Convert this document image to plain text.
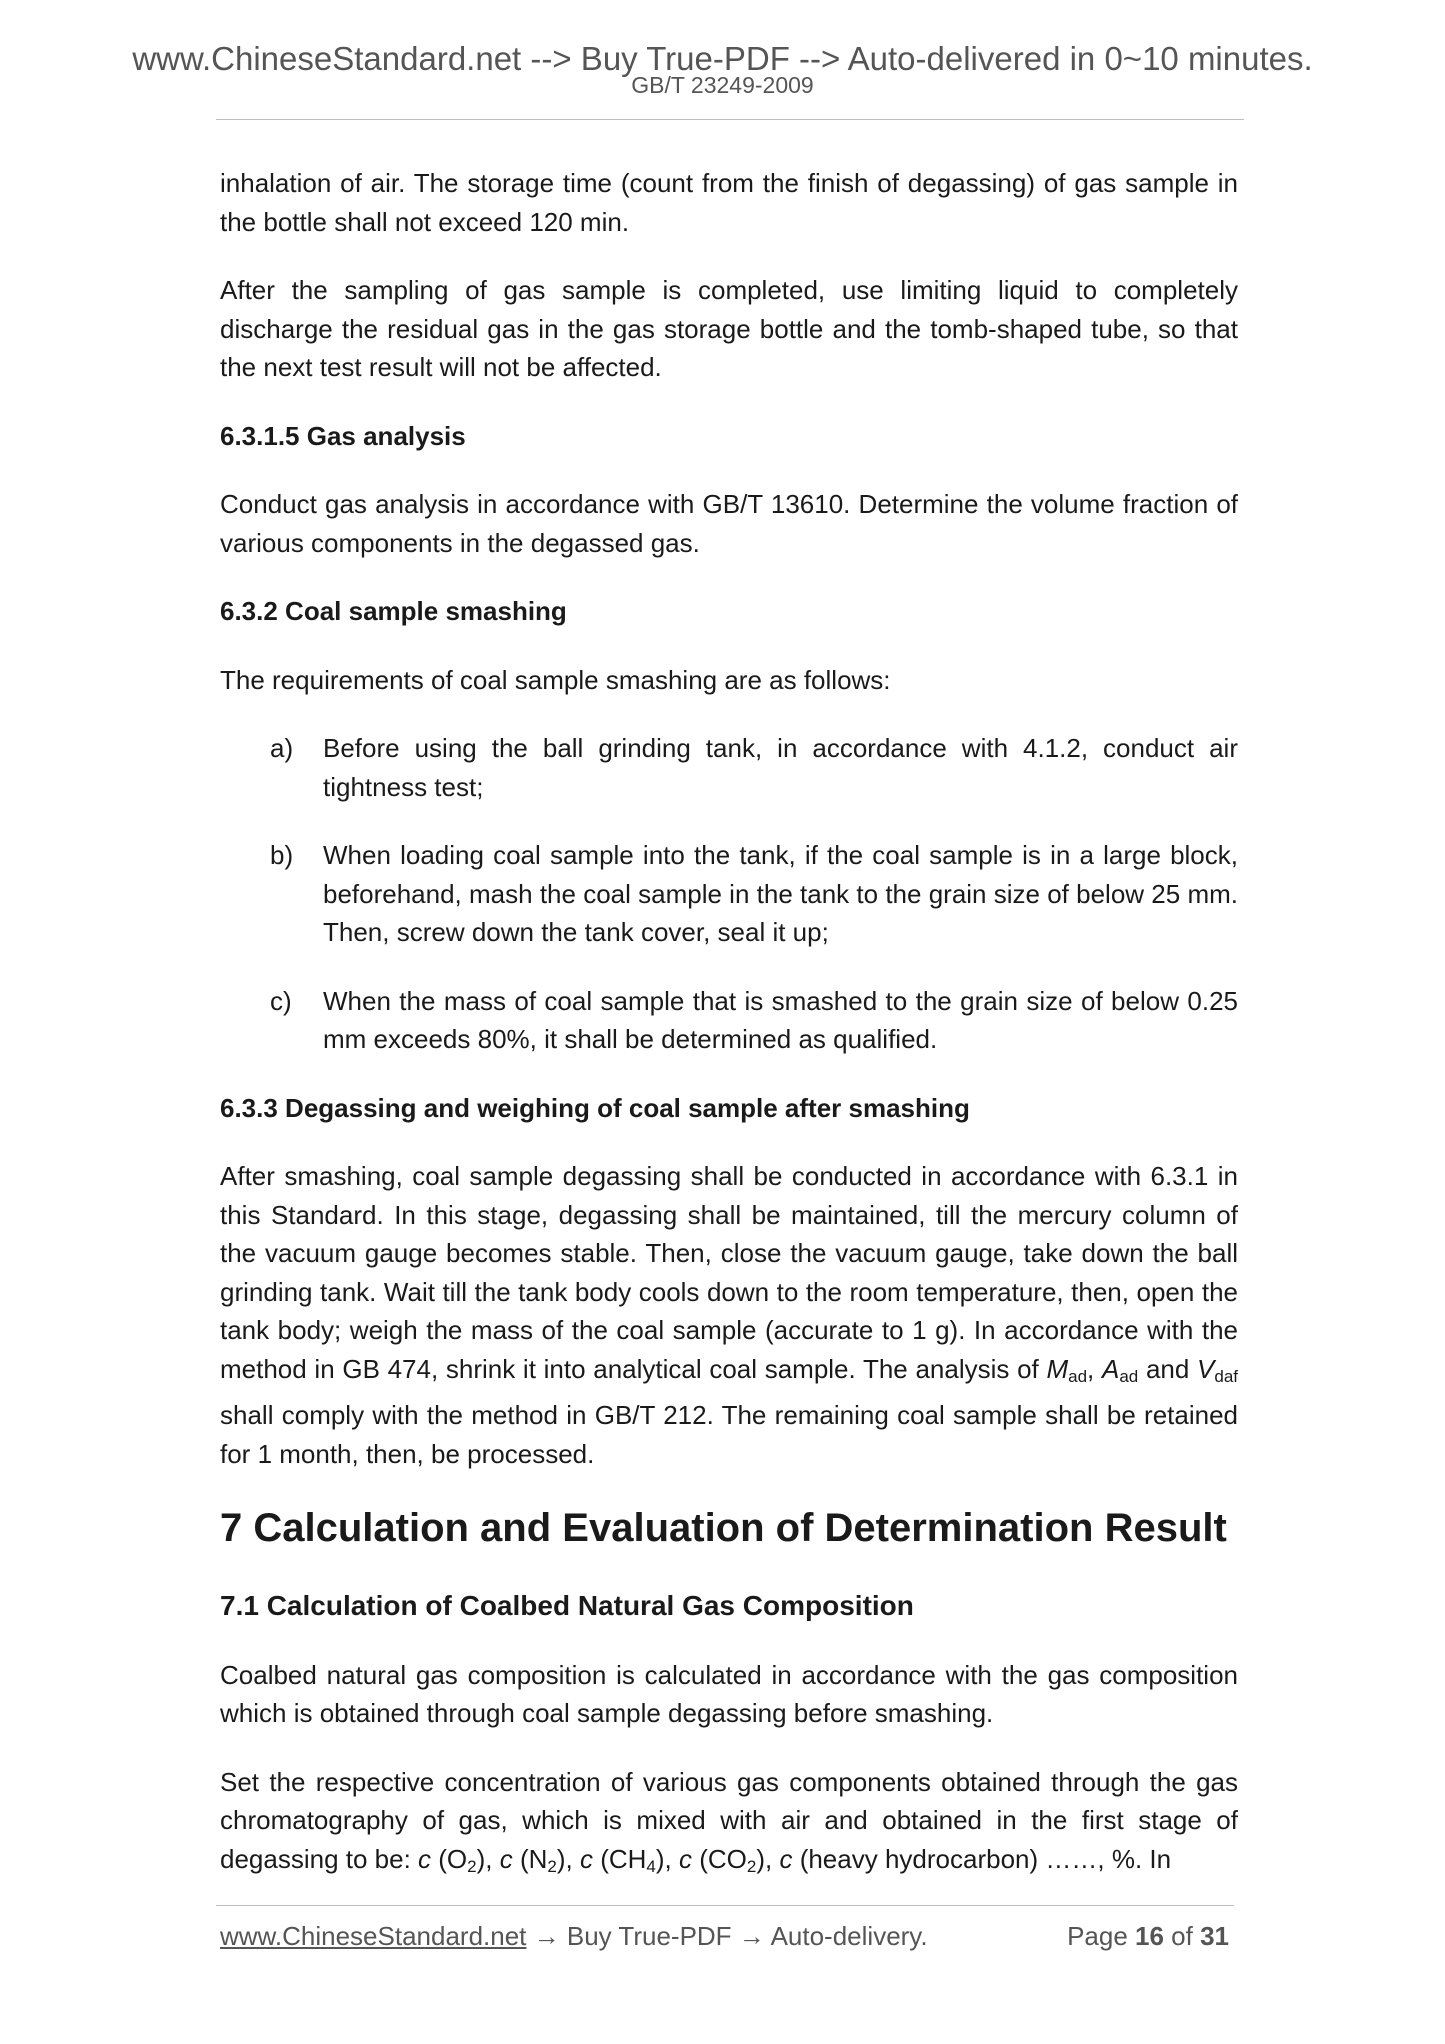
www.ChineseStandard.net --> Buy True-PDF --> Auto-delivered in 0~10 minutes.
GB/T 23249-2009

inhalation of air. The storage time (count from the finish of degassing) of gas sample in the bottle shall not exceed 120 min.

After the sampling of gas sample is completed, use limiting liquid to completely discharge the residual gas in the gas storage bottle and the tomb-shaped tube, so that the next test result will not be affected.

6.3.1.5 Gas analysis

Conduct gas analysis in accordance with GB/T 13610. Determine the volume fraction of various components in the degassed gas.

6.3.2 Coal sample smashing

The requirements of coal sample smashing are as follows:

a) Before using the ball grinding tank, in accordance with 4.1.2, conduct air tightness test;
b) When loading coal sample into the tank, if the coal sample is in a large block, beforehand, mash the coal sample in the tank to the grain size of below 25 mm. Then, screw down the tank cover, seal it up;
c) When the mass of coal sample that is smashed to the grain size of below 0.25 mm exceeds 80%, it shall be determined as qualified.
6.3.3 Degassing and weighing of coal sample after smashing

After smashing, coal sample degassing shall be conducted in accordance with 6.3.1 in this Standard. In this stage, degassing shall be maintained, till the mercury column of the vacuum gauge becomes stable. Then, close the vacuum gauge, take down the ball grinding tank. Wait till the tank body cools down to the room temperature, then, open the tank body; weigh the mass of the coal sample (accurate to 1 g). In accordance with the method in GB 474, shrink it into analytical coal sample. The analysis of $M_{ad}$, $A_{ad}$ and $V_{daf}$ shall comply with the method in GB/T 212. The remaining coal sample shall be retained for 1 month, then, be processed.

7 Calculation and Evaluation of Determination Result
7.1 Calculation of Coalbed Natural Gas Composition

Coalbed natural gas composition is calculated in accordance with the gas composition which is obtained through coal sample degassing before smashing.

Set the respective concentration of various gas components obtained through the gas chromatography of gas, which is mixed with air and obtained in the first stage of degassing to be: c $(O_2)$, c $(N_2)$, c $(CH_4)$, c $(CO_2)$, c (heavy hydrocarbon) ……, %. In

www.ChineseStandard.net → Buy True-PDF → Auto-delivery.	Page 16 of 31
